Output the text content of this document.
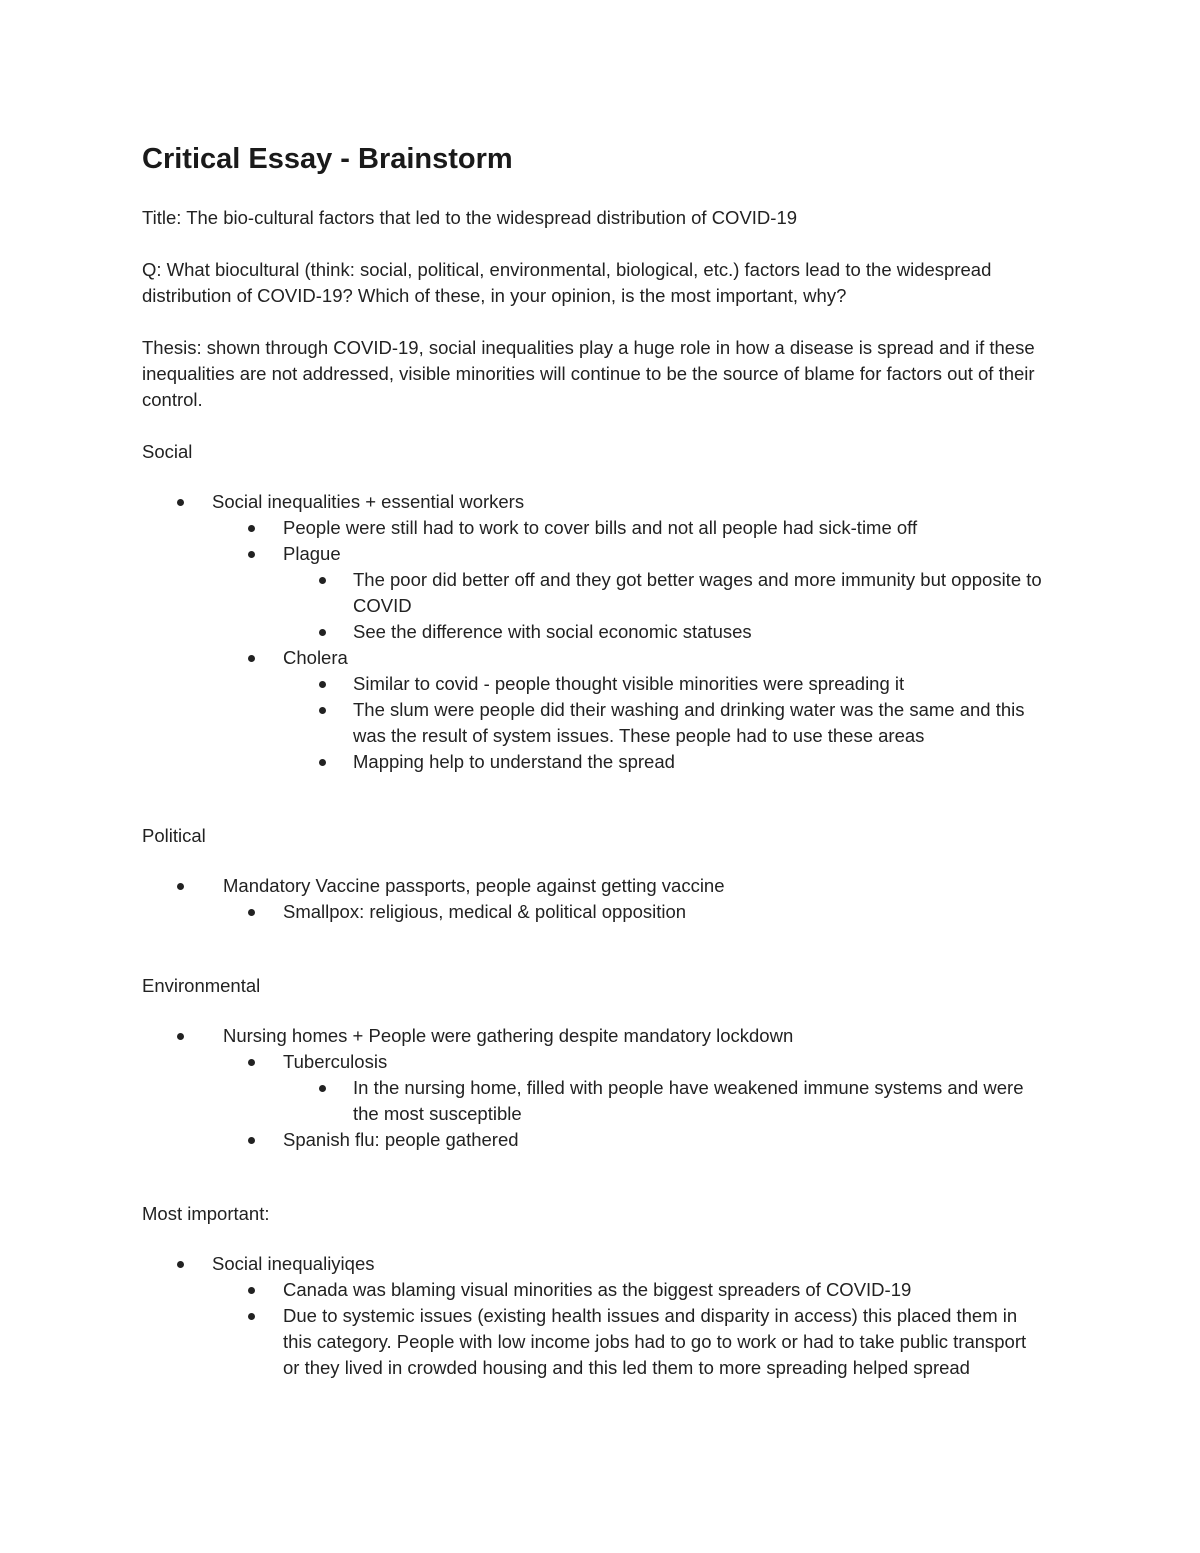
Critical Essay - Brainstorm

Title: The bio-cultural factors that led to the widespread distribution of COVID-19

Q: What biocultural (think: social, political, environmental, biological, etc.) factors lead to the widespread distribution of COVID-19? Which of these, in your opinion, is the most important, why?

Thesis: shown through COVID-19, social inequalities play a huge role in how a disease is spread and if these inequalities are not addressed, visible minorities will continue to be the source of blame for factors out of their control.

Social

Social inequalities + essential workers
People were still had to work to cover bills and not all people had sick-time off
Plague
The poor did better off and they got better wages and more immunity but opposite to COVID
See the difference with social economic statuses
Cholera
Similar to covid - people thought visible minorities were spreading it
The slum were people did their washing and drinking water was the same and this was the result of system issues. These people had to use these areas
Mapping help to understand the spread

Political

Mandatory Vaccine passports, people against getting vaccine
Smallpox: religious, medical & political opposition

Environmental

Nursing homes + People were gathering despite mandatory lockdown
Tuberculosis
In the nursing home, filled with people have weakened immune systems and were the most susceptible
Spanish flu: people gathered

Most important:

Social inequaliyiqes
Canada was blaming visual minorities as the biggest spreaders of COVID-19
Due to systemic issues (existing health issues and disparity in access) this placed them in this category. People with low income jobs had to go to work or had to take public transport or they lived in crowded housing and this led them to more spreading helped spread
